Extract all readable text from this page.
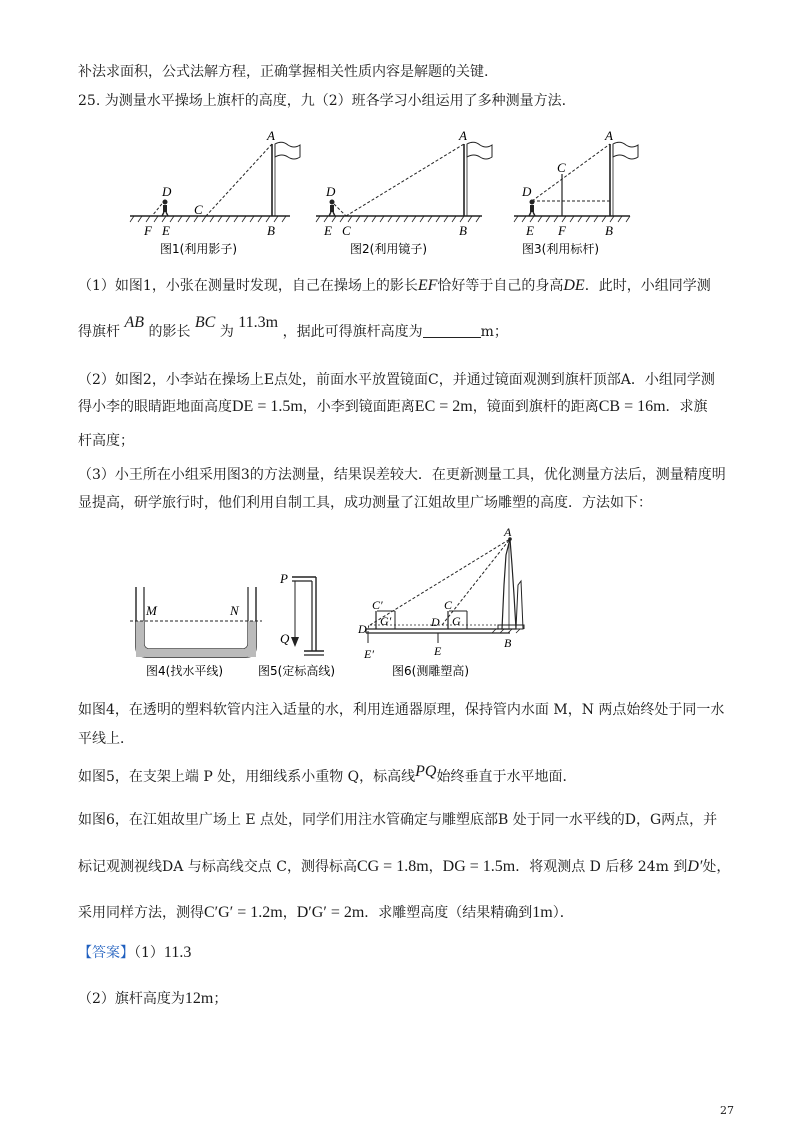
补法求面积，公式法解方程，正确掌握相关性质内容是解题的关键.
25. 为测量水平操场上旗杆的高度，九（2）班各学习小组运用了多种测量方法.
A
B
C
D
E
F
图1(利用影子)
A
B
C
D
E
图2(利用镜子)
A
B
C
D
E F
图3(利用标杆)
（1）如图1，小张在测量时发现，自己在操场上的影长EF恰好等于自己的身高DE．此时，小组同学测
得旗杆 AB 的影长 BC 为 11.3m ，据此可得旗杆高度为	m；
（2）如图2，小李站在操场上E点处，前面水平放置镜面C，并通过镜面观测到旗杆顶部A．小组同学测
得小李的眼睛距地面高度DE = 1.5m，小李到镜面距离EC = 2m，镜面到旗杆的距离CB = 16m．求旗
杆高度；
（3）小王所在小组采用图3的方法测量，结果误差较大．在更新测量工具，优化测量方法后，测量精度明
显提高，研学旅行时，他们利用自制工具，成功测量了江姐故里广场雕塑的高度．方法如下：
M	N
图4(找水平线)
P
Q
图5(定标高线)
A
B
C
C′
D
D′
E
E′
G
G′
图6(测雕塑高)
如图4，在透明的塑料软管内注入适量的水，利用连通器原理，保持管内水面 M，N 两点始终处于同一水
平线上．
如图5，在支架上端 P 处，用细线系小重物 Q，标高线PQ始终垂直于水平地面．
如图6，在江姐故里广场上 E 点处，同学们用注水管确定与雕塑底部B 处于同一水平线的D，G两点，并
标记观测视线DA 与标高线交点 C，测得标高CG = 1.8m，DG = 1.5m．将观测点 D 后移 24m 到D′处，
采用同样方法，测得C′G′ = 1.2m，D′G′ = 2m．求雕塑高度（结果精确到1m）．
【答案】（1）11.3
（2）旗杆高度为12m；
27
